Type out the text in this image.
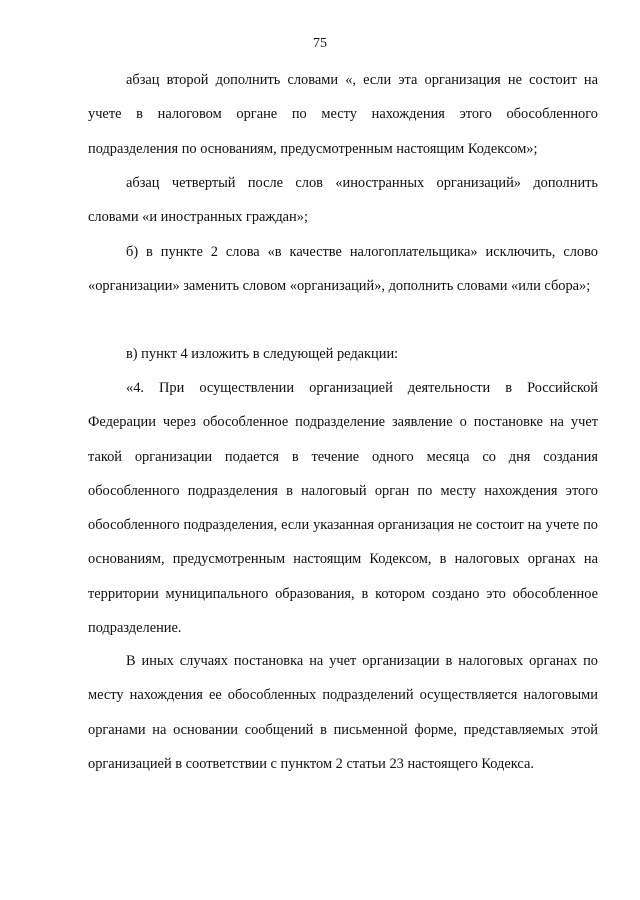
75

абзац второй дополнить словами «, если эта организация не состоит на учете в налоговом органе по месту нахождения этого обособленного подразделения по основаниям, предусмотренным настоящим Кодексом»;

абзац четвертый после слов «иностранных организаций» дополнить словами «и иностранных граждан»;

б) в пункте 2 слова «в качестве налогоплательщика» исключить, слово «организации» заменить словом «организаций», дополнить словами «или сбора»;

в) пункт 4 изложить в следующей редакции:

«4. При осуществлении организацией деятельности в Российской Федерации через обособленное подразделение заявление о постановке на учет такой организации подается в течение одного месяца со дня создания обособленного подразделения в налоговый орган по месту нахождения этого обособленного подразделения, если указанная организация не состоит на учете по основаниям, предусмотренным настоящим Кодексом, в налоговых органах на территории муниципального образования, в котором создано это обособленное подразделение.

В иных случаях постановка на учет организации в налоговых органах по месту нахождения ее обособленных подразделений осуществляется налоговыми органами на основании сообщений в письменной форме, представляемых этой организацией в соответствии с пунктом 2 статьи 23 настоящего Кодекса.
